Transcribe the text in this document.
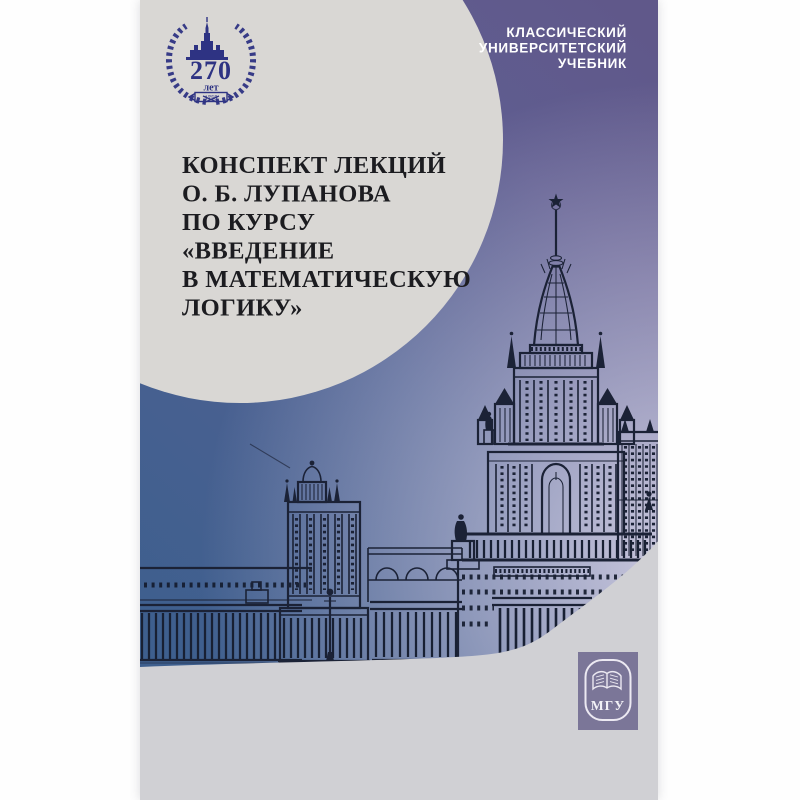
270
лет
1755
КЛАССИЧЕСКИЙ
УНИВЕРСИТЕТСКИЙ
УЧЕБНИК
КОНСПЕКТ ЛЕКЦИЙ
О. Б. ЛУПАНОВА
ПО КУРСУ
«ВВЕДЕНИЕ
В МАТЕМАТИЧЕСКУЮ
ЛОГИКУ»
МГУ
